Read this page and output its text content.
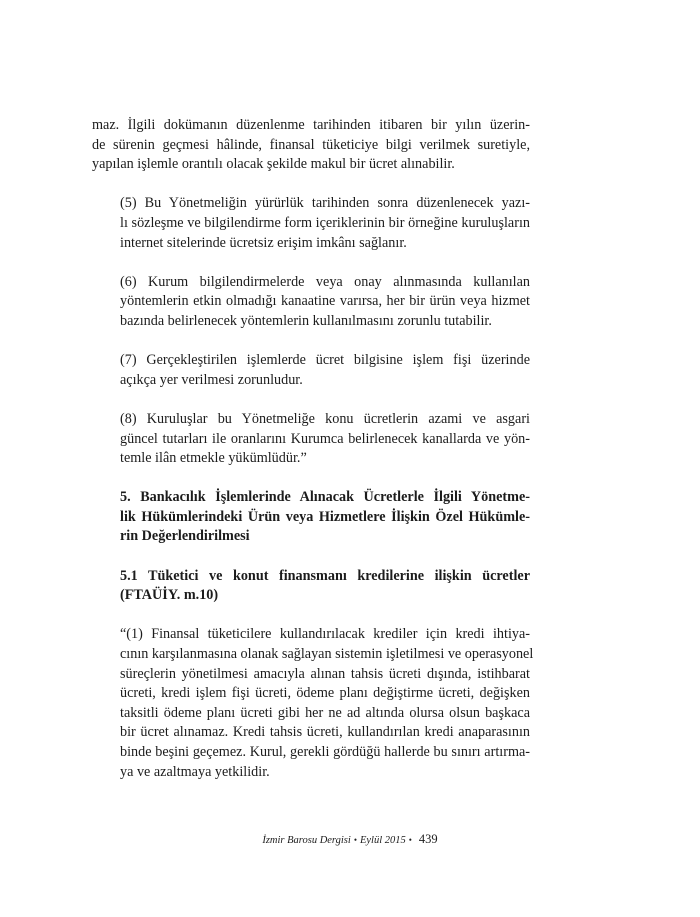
maz. İlgili dokümanın düzenlenme tarihinden itibaren bir yılın üzerin-
de sürenin geçmesi hâlinde, finansal tüketiciye bilgi verilmek suretiyle,
yapılan işlemle orantılı olacak şekilde makul bir ücret alınabilir.

(5) Bu Yönetmeliğin yürürlük tarihinden sonra düzenlenecek yazı-
lı sözleşme ve bilgilendirme form içeriklerinin bir örneğine kuruluşların
internet sitelerinde ücretsiz erişim imkânı sağlanır.

(6) Kurum bilgilendirmelerde veya onay alınmasında kullanılan
yöntemlerin etkin olmadığı kanaatine varırsa, her bir ürün veya hizmet
bazında belirlenecek yöntemlerin kullanılmasını zorunlu tutabilir.

(7) Gerçekleştirilen işlemlerde ücret bilgisine işlem fişi üzerinde
açıkça yer verilmesi zorunludur.

(8) Kuruluşlar bu Yönetmeliğe konu ücretlerin azami ve asgari
güncel tutarları ile oranlarını Kurumca belirlenecek kanallarda ve yön-
temle ilân etmekle yükümlüdür.”

5. Bankacılık İşlemlerinde Alınacak Ücretlerle İlgili Yönetme-
lik Hükümlerindeki Ürün veya Hizmetlere İlişkin Özel Hükümle-
rin Değerlendirilmesi

5.1 Tüketici ve konut finansmanı kredilerine ilişkin ücretler
(FTAÜİY. m.10)

“(1) Finansal tüketicilere kullandırılacak krediler için kredi ihtiya-
cının karşılanmasına olanak sağlayan sistemin işletilmesi ve operasyonel
süreçlerin yönetilmesi amacıyla alınan tahsis ücreti dışında, istihbarat
ücreti, kredi işlem fişi ücreti, ödeme planı değiştirme ücreti, değişken
taksitli ödeme planı ücreti gibi her ne ad altında olursa olsun başkaca
bir ücret alınamaz. Kredi tahsis ücreti, kullandırılan kredi anaparasının
binde beşini geçemez. Kurul, gerekli gördüğü hallerde bu sınırı artırma-
ya ve azaltmaya yetkilidir.

İzmir Barosu Dergisi • Eylül 2015 • 439
